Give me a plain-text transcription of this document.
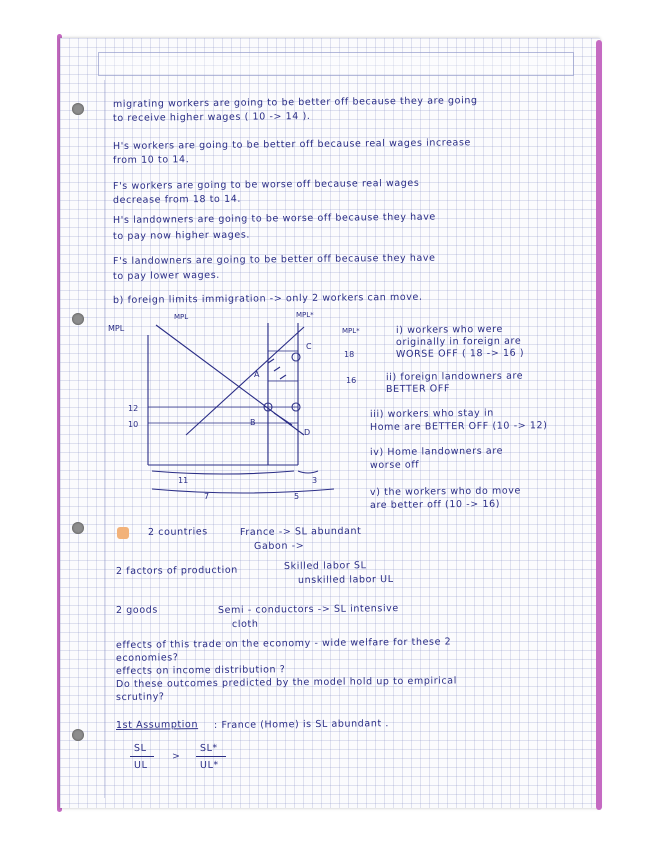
migrating workers are going to be better off because they are going

to receive higher wages ( 10 -> 14 ).

H's workers are going to be better off because real wages increase

from 10 to 14.

F's workers are going to be worse off because real wages

decrease from 18 to 14.

H's landowners are going to be worse off because they have

to pay now higher wages.

F's landowners are going to be better off because they have

to pay lower wages.

b) foreign limits immigration -> only 2 workers can move.

MPL
MPL	MPL*
MPL*
18
16
12
10
A
B
C
D
11	3
7	5

i) workers who were

originally in foreign are

WORSE OFF ( 18 -> 16 )

ii) foreign landowners are

BETTER OFF

iii) workers who stay in

Home are BETTER OFF (10 -> 12)

iv) Home landowners are

worse off

v) the workers who do move

are better off (10 -> 16)

2 countries	France -> SL abundant

Gabon ->

2 factors of production	Skilled labor SL

unskilled labor UL

2 goods	Semi - conductors -> SL intensive

cloth

effects of this trade on the economy - wide welfare for these 2

economies?

effects on income distribution ?

Do these outcomes predicted by the model hold up to empirical

scrutiny?

1st Assumption : France (Home) is SL abundant .

SL

UL

>

SL*

UL*
